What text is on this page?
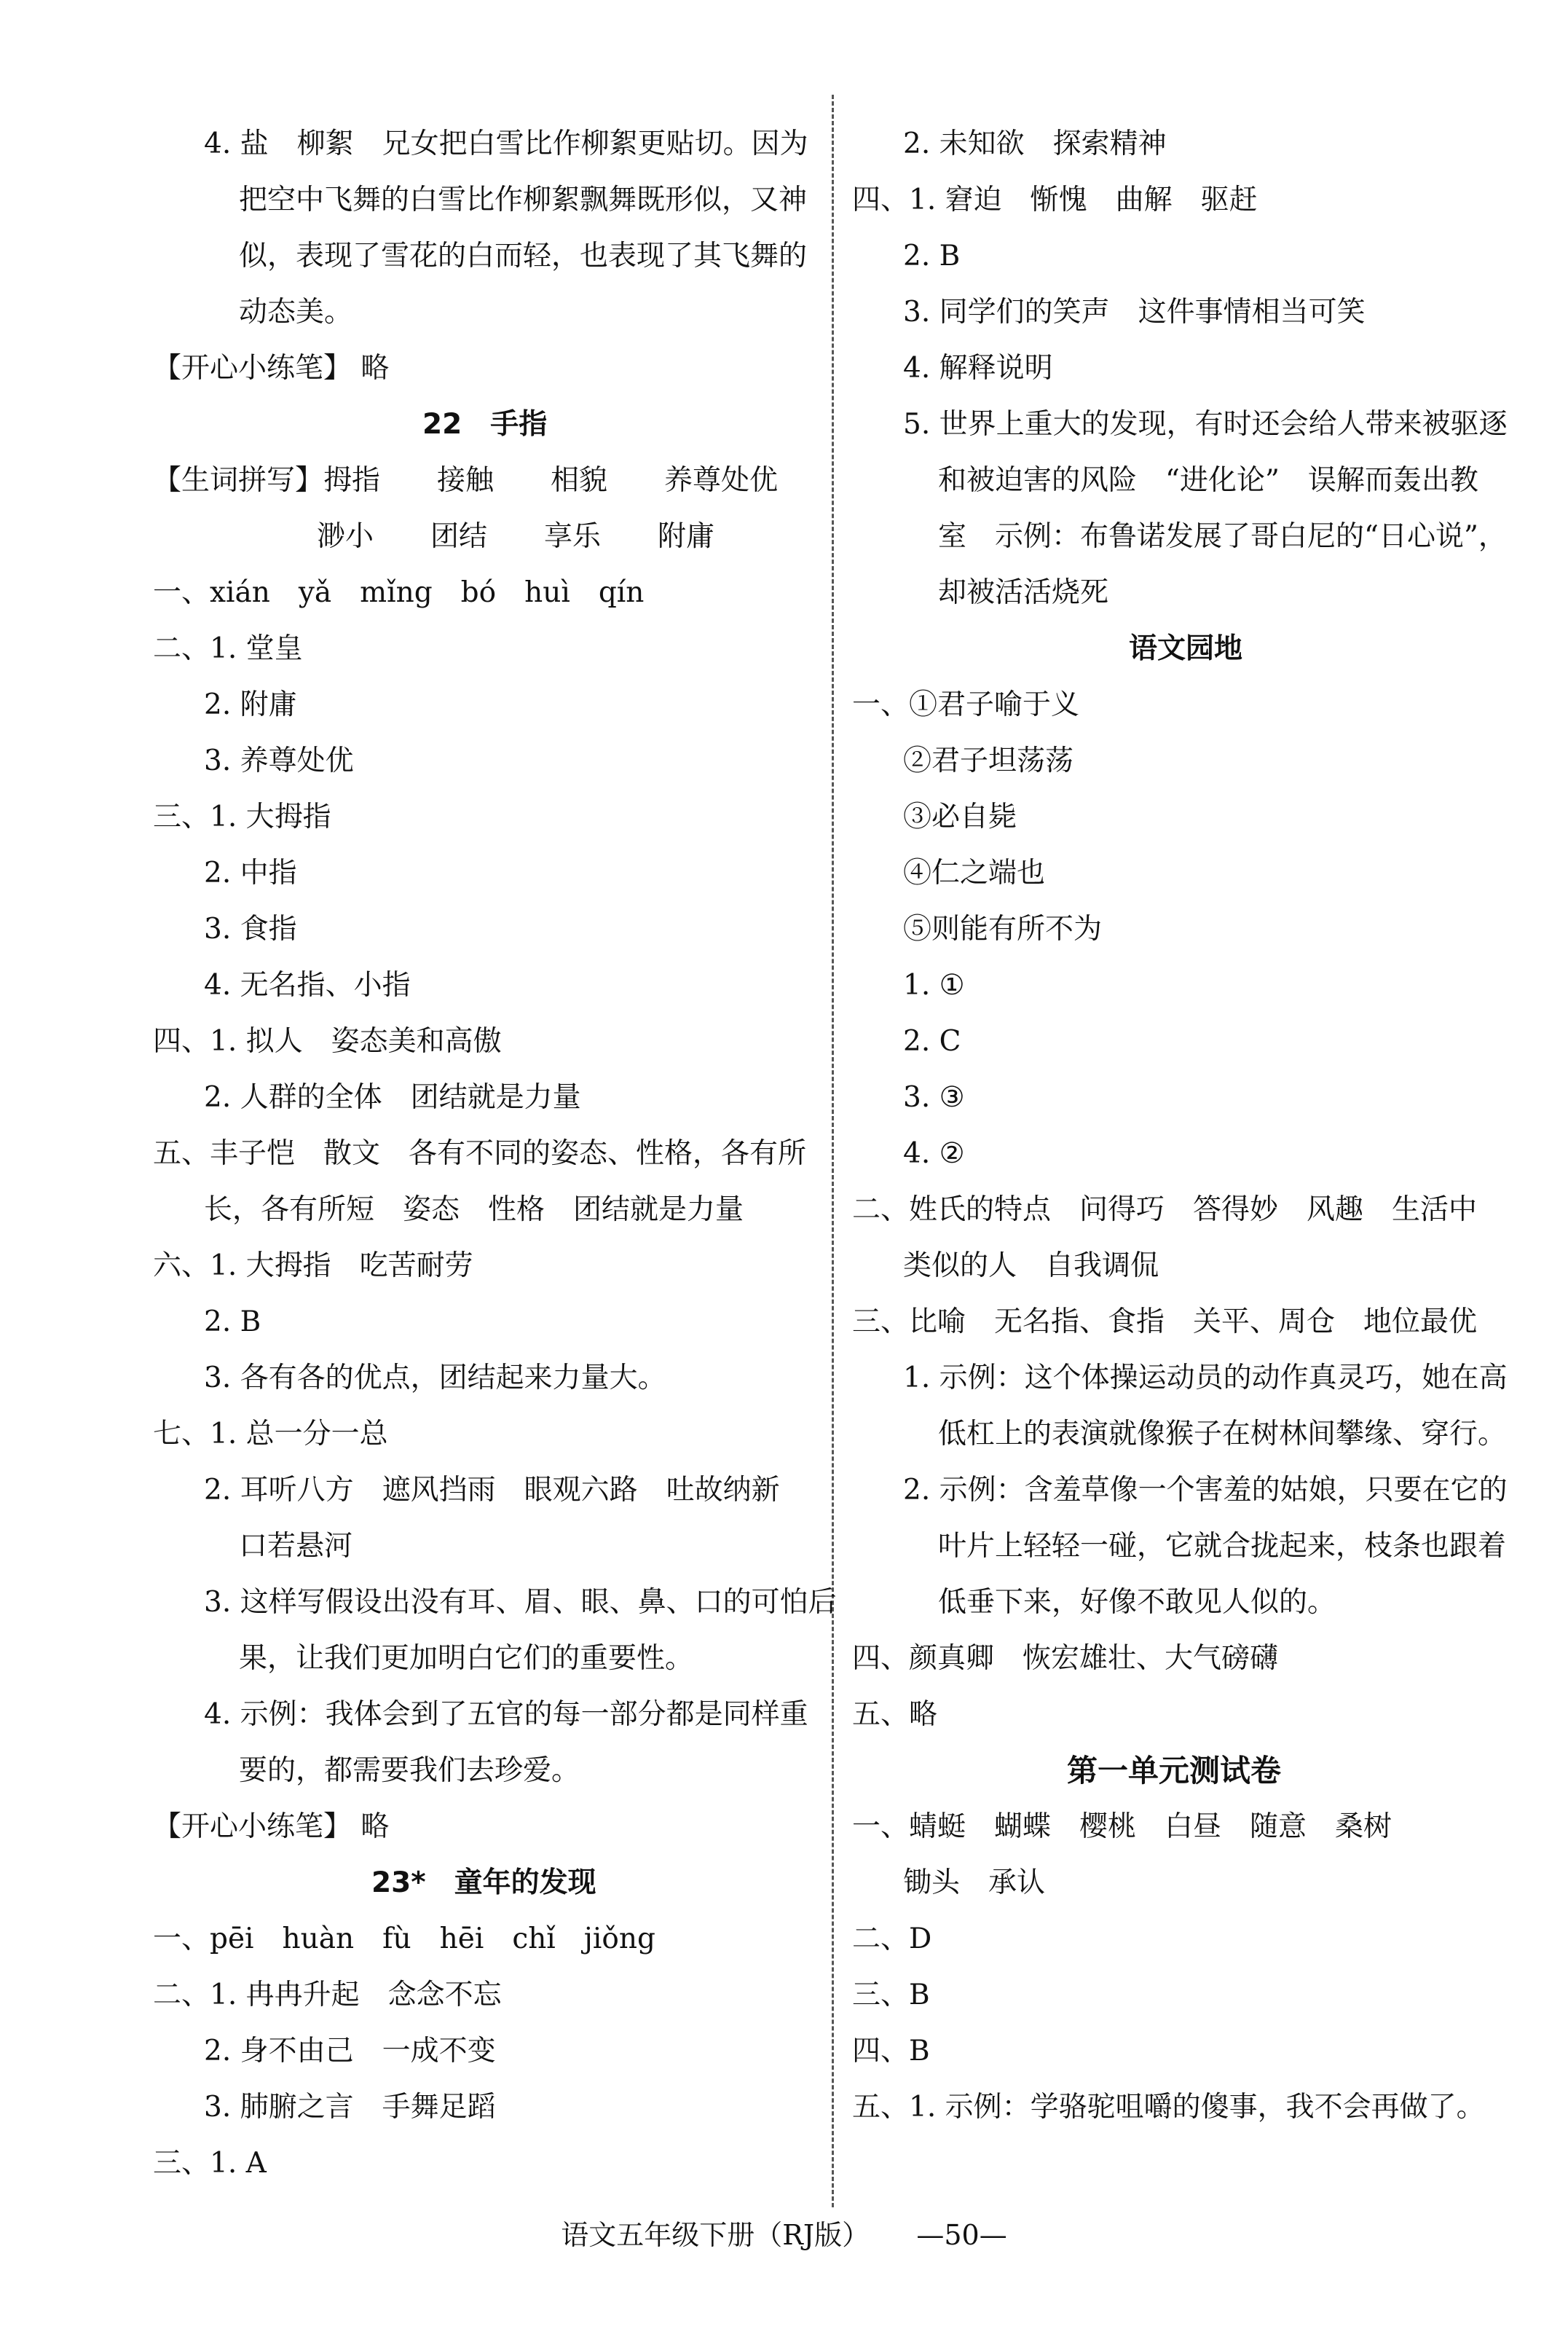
4. 盐　柳絮　兄女把白雪比作柳絮更贴切。因为
把空中飞舞的白雪比作柳絮飘舞既形似，又神
似，表现了雪花的白而轻，也表现了其飞舞的
动态美。
【开心小练笔】 略
22　手指
【生词拼写】拇指　　接触　　相貌　　养尊处优
渺小　　团结　　享乐　　附庸
一、xián　yǎ　mǐng　bó　huì　qín
二、1. 堂皇
2. 附庸
3. 养尊处优
三、1. 大拇指
2. 中指
3. 食指
4. 无名指、小指
四、1. 拟人　姿态美和高傲
2. 人群的全体　团结就是力量
五、丰子恺　散文　各有不同的姿态、性格，各有所
长，各有所短　姿态　性格　团结就是力量
六、1. 大拇指　吃苦耐劳
2. B
3. 各有各的优点，团结起来力量大。
七、1. 总一分一总
2. 耳听八方　遮风挡雨　眼观六路　吐故纳新
口若悬河
3. 这样写假设出没有耳、眉、眼、鼻、口的可怕后
果，让我们更加明白它们的重要性。
4. 示例：我体会到了五官的每一部分都是同样重
要的，都需要我们去珍爱。
【开心小练笔】 略
23*　童年的发现
一、pēi　huàn　fù　hēi　chǐ　jiǒng
二、1. 冉冉升起　念念不忘
2. 身不由己　一成不变
3. 肺腑之言　手舞足蹈
三、1. A
2. 未知欲　探索精神
四、1. 窘迫　惭愧　曲解　驱赶
2. B
3. 同学们的笑声　这件事情相当可笑
4. 解释说明
5. 世界上重大的发现，有时还会给人带来被驱逐
和被迫害的风险　“进化论”　误解而轰出教
室　示例：布鲁诺发展了哥白尼的“日心说”，
却被活活烧死
语文园地
一、①君子喻于义
②君子坦荡荡
③必自毙
④仁之端也
⑤则能有所不为
1. ①
2. C
3. ③
4. ②
二、姓氏的特点　问得巧　答得妙　风趣　生活中
类似的人　自我调侃
三、比喻　无名指、食指　关平、周仓　地位最优
1. 示例：这个体操运动员的动作真灵巧，她在高
低杠上的表演就像猴子在树林间攀缘、穿行。
2. 示例：含羞草像一个害羞的姑娘，只要在它的
叶片上轻轻一碰，它就合拢起来，枝条也跟着
低垂下来，好像不敢见人似的。
四、颜真卿　恢宏雄壮、大气磅礴
五、略
第一单元测试卷
一、蜻蜓　蝴蝶　樱桃　白昼　随意　桑树
锄头　承认
二、D
三、B
四、B
五、1. 示例：学骆驼咀嚼的傻事，我不会再做了。
语文五年级下册（RJ版） —50—
